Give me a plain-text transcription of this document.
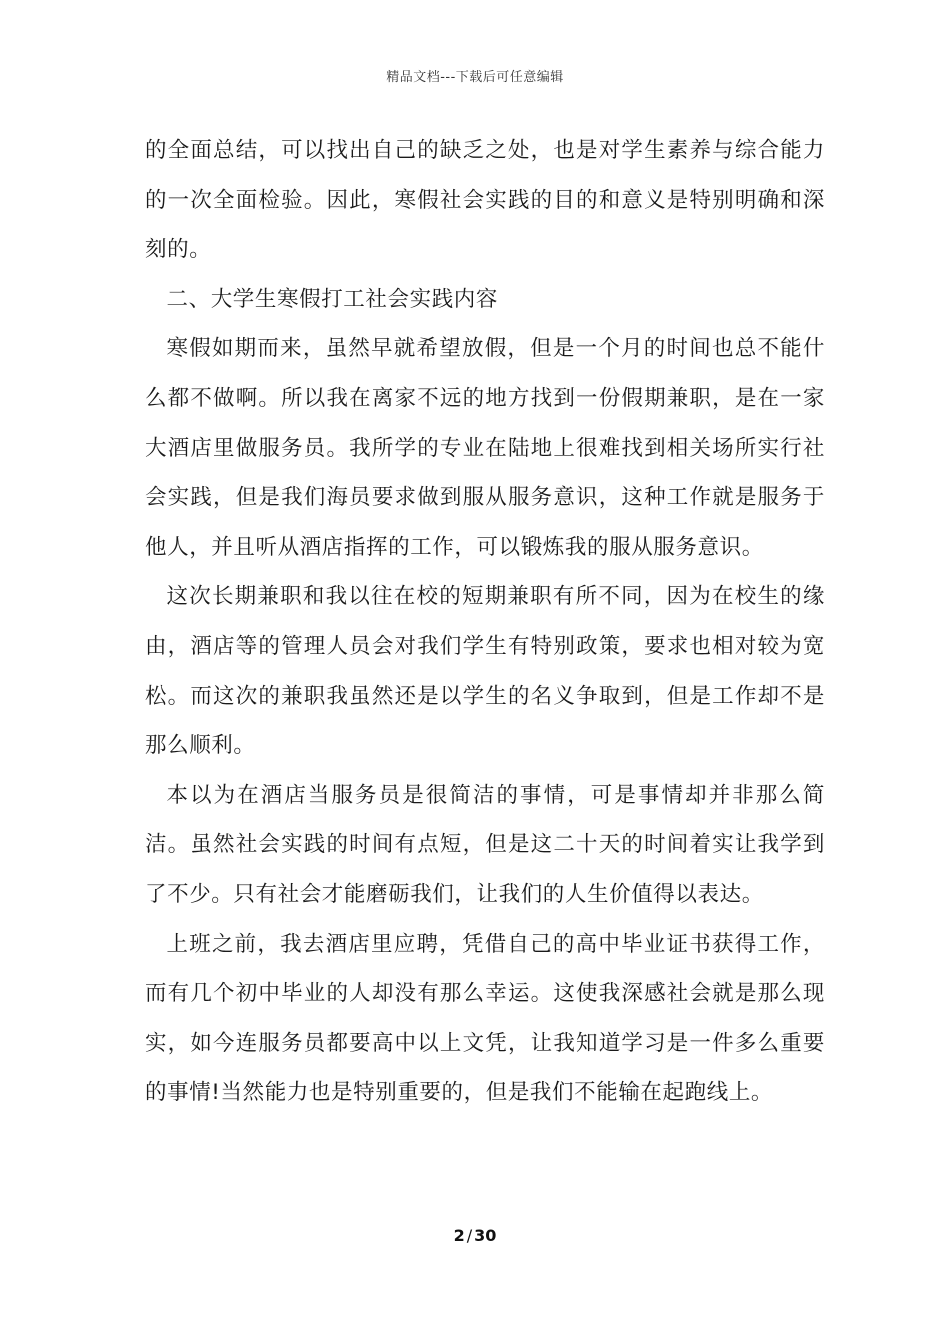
精品文档---下载后可任意编辑

的全面总结，可以找出自己的缺乏之处，也是对学生素养与综合能力的一次全面检验。因此，寒假社会实践的目的和意义是特别明确和深刻的。

二、大学生寒假打工社会实践内容

寒假如期而来，虽然早就希望放假，但是一个月的时间也总不能什么都不做啊。所以我在离家不远的地方找到一份假期兼职，是在一家大酒店里做服务员。我所学的专业在陆地上很难找到相关场所实行社会实践，但是我们海员要求做到服从服务意识，这种工作就是服务于他人，并且听从酒店指挥的工作，可以锻炼我的服从服务意识。

这次长期兼职和我以往在校的短期兼职有所不同，因为在校生的缘由，酒店等的管理人员会对我们学生有特别政策，要求也相对较为宽松。而这次的兼职我虽然还是以学生的名义争取到，但是工作却不是那么顺利。

本以为在酒店当服务员是很简洁的事情，可是事情却并非那么简洁。虽然社会实践的时间有点短，但是这二十天的时间着实让我学到了不少。只有社会才能磨砺我们，让我们的人生价值得以表达。

上班之前，我去酒店里应聘，凭借自己的高中毕业证书获得工作，而有几个初中毕业的人却没有那么幸运。这使我深感社会就是那么现实，如今连服务员都要高中以上文凭，让我知道学习是一件多么重要的事情!当然能力也是特别重要的，但是我们不能输在起跑线上。

2 / 30
